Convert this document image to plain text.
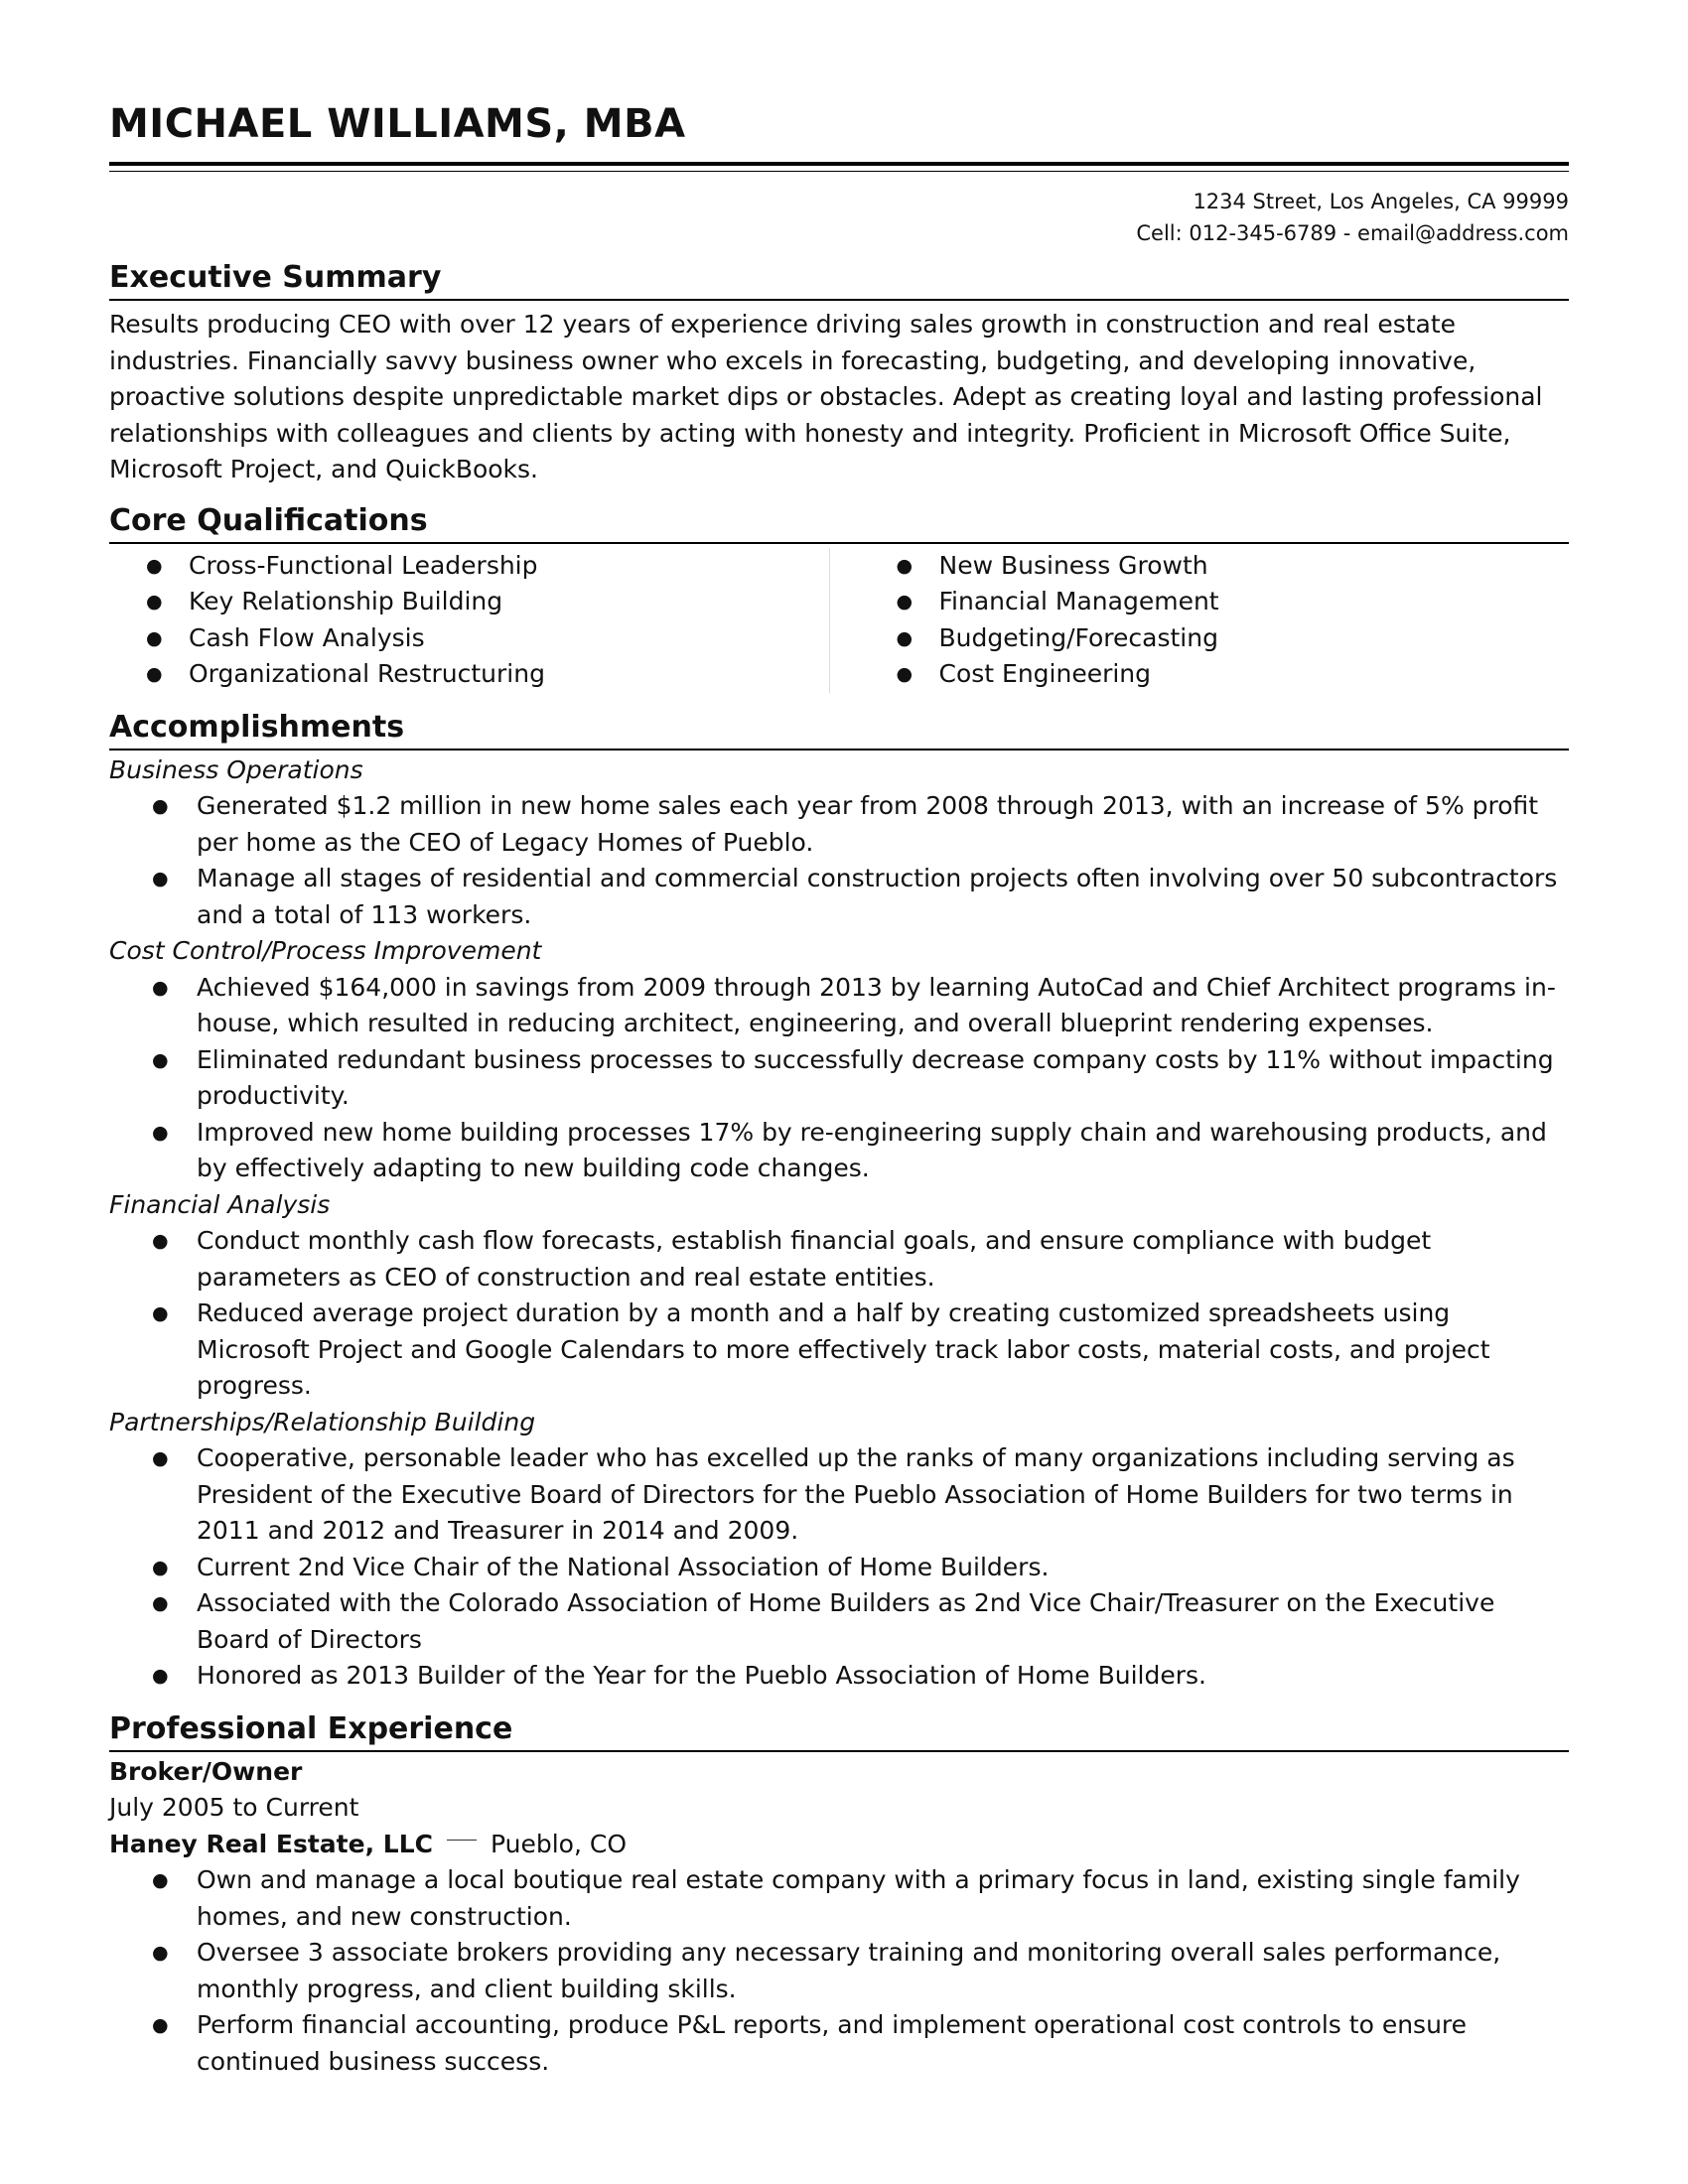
MICHAEL WILLIAMS, MBA
1234 Street, Los Angeles, CA 99999
Cell: 012-345-6789 - email@address.com
Executive Summary
Results producing CEO with over 12 years of experience driving sales growth in construction and real estate industries. Financially savvy business owner who excels in forecasting, budgeting, and developing innovative, proactive solutions despite unpredictable market dips or obstacles. Adept as creating loyal and lasting professional relationships with colleagues and clients by acting with honesty and integrity. Proficient in Microsoft Office Suite, Microsoft Project, and QuickBooks.
Core Qualifications
● Cross-Functional Leadership
● Key Relationship Building
● Cash Flow Analysis
● Organizational Restructuring
● New Business Growth
● Financial Management
● Budgeting/Forecasting
● Cost Engineering
Accomplishments
Business Operations
● Generated $1.2 million in new home sales each year from 2008 through 2013, with an increase of 5% profit per home as the CEO of Legacy Homes of Pueblo.
● Manage all stages of residential and commercial construction projects often involving over 50 subcontractors and a total of 113 workers.
Cost Control/Process Improvement
● Achieved $164,000 in savings from 2009 through 2013 by learning AutoCad and Chief Architect programs in-house, which resulted in reducing architect, engineering, and overall blueprint rendering expenses.
● Eliminated redundant business processes to successfully decrease company costs by 11% without impacting productivity.
● Improved new home building processes 17% by re-engineering supply chain and warehousing products, and by effectively adapting to new building code changes.
Financial Analysis
● Conduct monthly cash flow forecasts, establish financial goals, and ensure compliance with budget parameters as CEO of construction and real estate entities.
● Reduced average project duration by a month and a half by creating customized spreadsheets using Microsoft Project and Google Calendars to more effectively track labor costs, material costs, and project progress.
Partnerships/Relationship Building
● Cooperative, personable leader who has excelled up the ranks of many organizations including serving as President of the Executive Board of Directors for the Pueblo Association of Home Builders for two terms in 2011 and 2012 and Treasurer in 2014 and 2009.
● Current 2nd Vice Chair of the National Association of Home Builders.
● Associated with the Colorado Association of Home Builders as 2nd Vice Chair/Treasurer on the Executive Board of Directors
● Honored as 2013 Builder of the Year for the Pueblo Association of Home Builders.
Professional Experience
Broker/Owner
July 2005 to Current
Haney Real Estate, LLC Pueblo, CO
● Own and manage a local boutique real estate company with a primary focus in land, existing single family homes, and new construction.
● Oversee 3 associate brokers providing any necessary training and monitoring overall sales performance, monthly progress, and client building skills.
● Perform financial accounting, produce P&L reports, and implement operational cost controls to ensure continued business success.
